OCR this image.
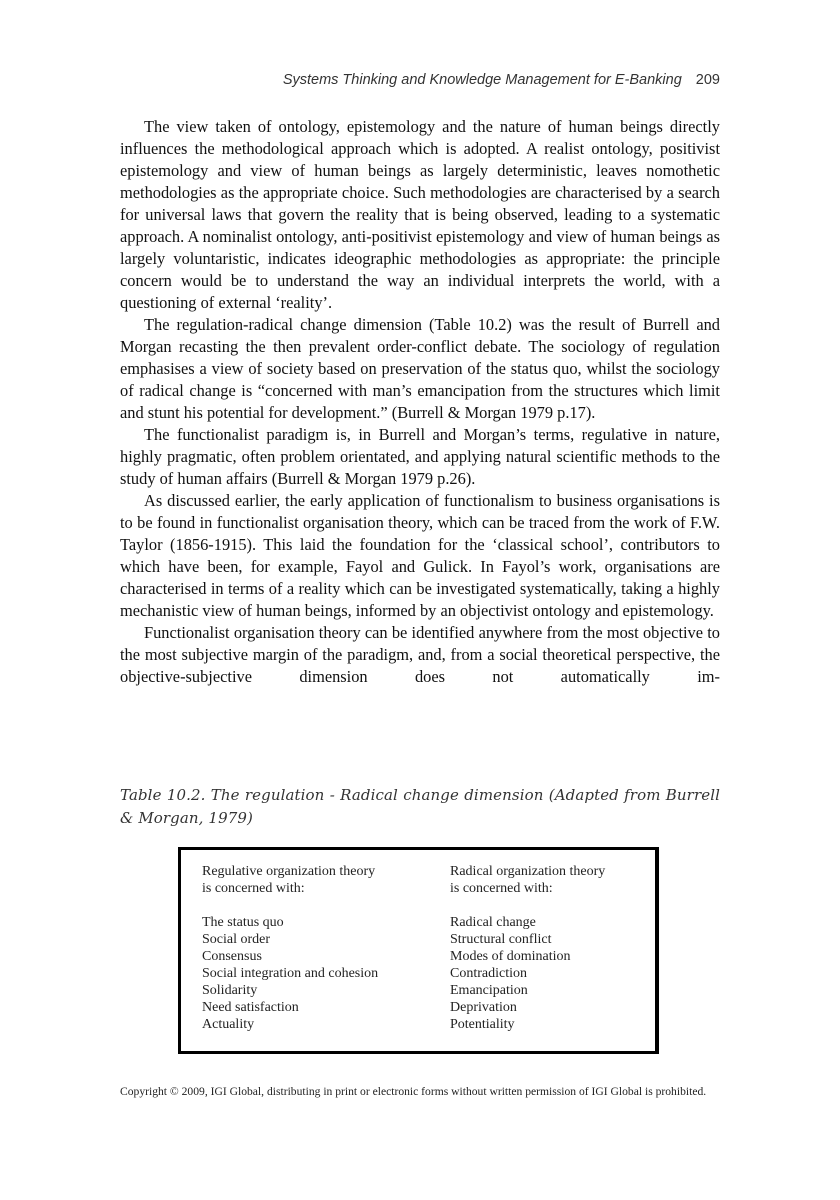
Systems Thinking and Knowledge Management for E-Banking 209

The view taken of ontology, epistemology and the nature of human beings directly influences the methodological approach which is adopted. A realist ontology, positivist epistemology and view of human beings as largely deterministic, leaves nomothetic methodologies as the appropriate choice. Such methodologies are characterised by a search for universal laws that govern the reality that is being observed, leading to a systematic approach. A nominalist ontology, anti-positivist epistemology and view of human beings as largely voluntaristic, indicates ideographic methodologies as appropriate: the principle concern would be to understand the way an individual interprets the world, with a questioning of external ‘reality’.

The regulation-radical change dimension (Table 10.2) was the result of Burrell and Morgan recasting the then prevalent order-conflict debate. The sociology of regulation emphasises a view of society based on preservation of the status quo, whilst the sociology of radical change is “concerned with man’s emancipation from the structures which limit and stunt his potential for development.” (Burrell & Morgan 1979 p.17).

The functionalist paradigm is, in Burrell and Morgan’s terms, regulative in nature, highly pragmatic, often problem orientated, and applying natural scientific methods to the study of human affairs (Burrell & Morgan 1979 p.26).

As discussed earlier, the early application of functionalism to business organisations is to be found in functionalist organisation theory, which can be traced from the work of F.W. Taylor (1856-1915). This laid the foundation for the ‘classical school’, contributors to which have been, for example, Fayol and Gulick. In Fayol’s work, organisations are characterised in terms of a reality which can be investigated systematically, taking a highly mechanistic view of human beings, informed by an objectivist ontology and epistemology.

Functionalist organisation theory can be identified anywhere from the most objective to the most subjective margin of the paradigm, and, from a social theoretical perspective, the objective-subjective dimension does not automatically im-

Table 10.2. The regulation - Radical change dimension (Adapted from Burrell & Morgan, 1979)
Regulative organization theory
is concerned with:
The status quo
Social order
Consensus
Social integration and cohesion
Solidarity
Need satisfaction
Actuality
Radical organization theory
is concerned with:
Radical change
Structural conflict
Modes of domination
Contradiction
Emancipation
Deprivation
Potentiality
Copyright © 2009, IGI Global, distributing in print or electronic forms without written permission of IGI Global is prohibited.
